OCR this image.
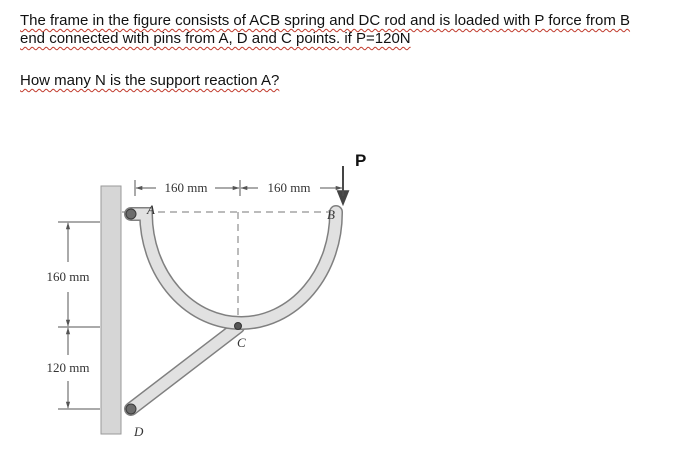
The frame in the figure consists of ACB spring and DC rod and is loaded with P force from B
end connected with pins from A, D and C points. if P=120N
How many N is the support reaction A?
A	B
C
D
P
160 mm	160 mm
160 mm
120 mm
